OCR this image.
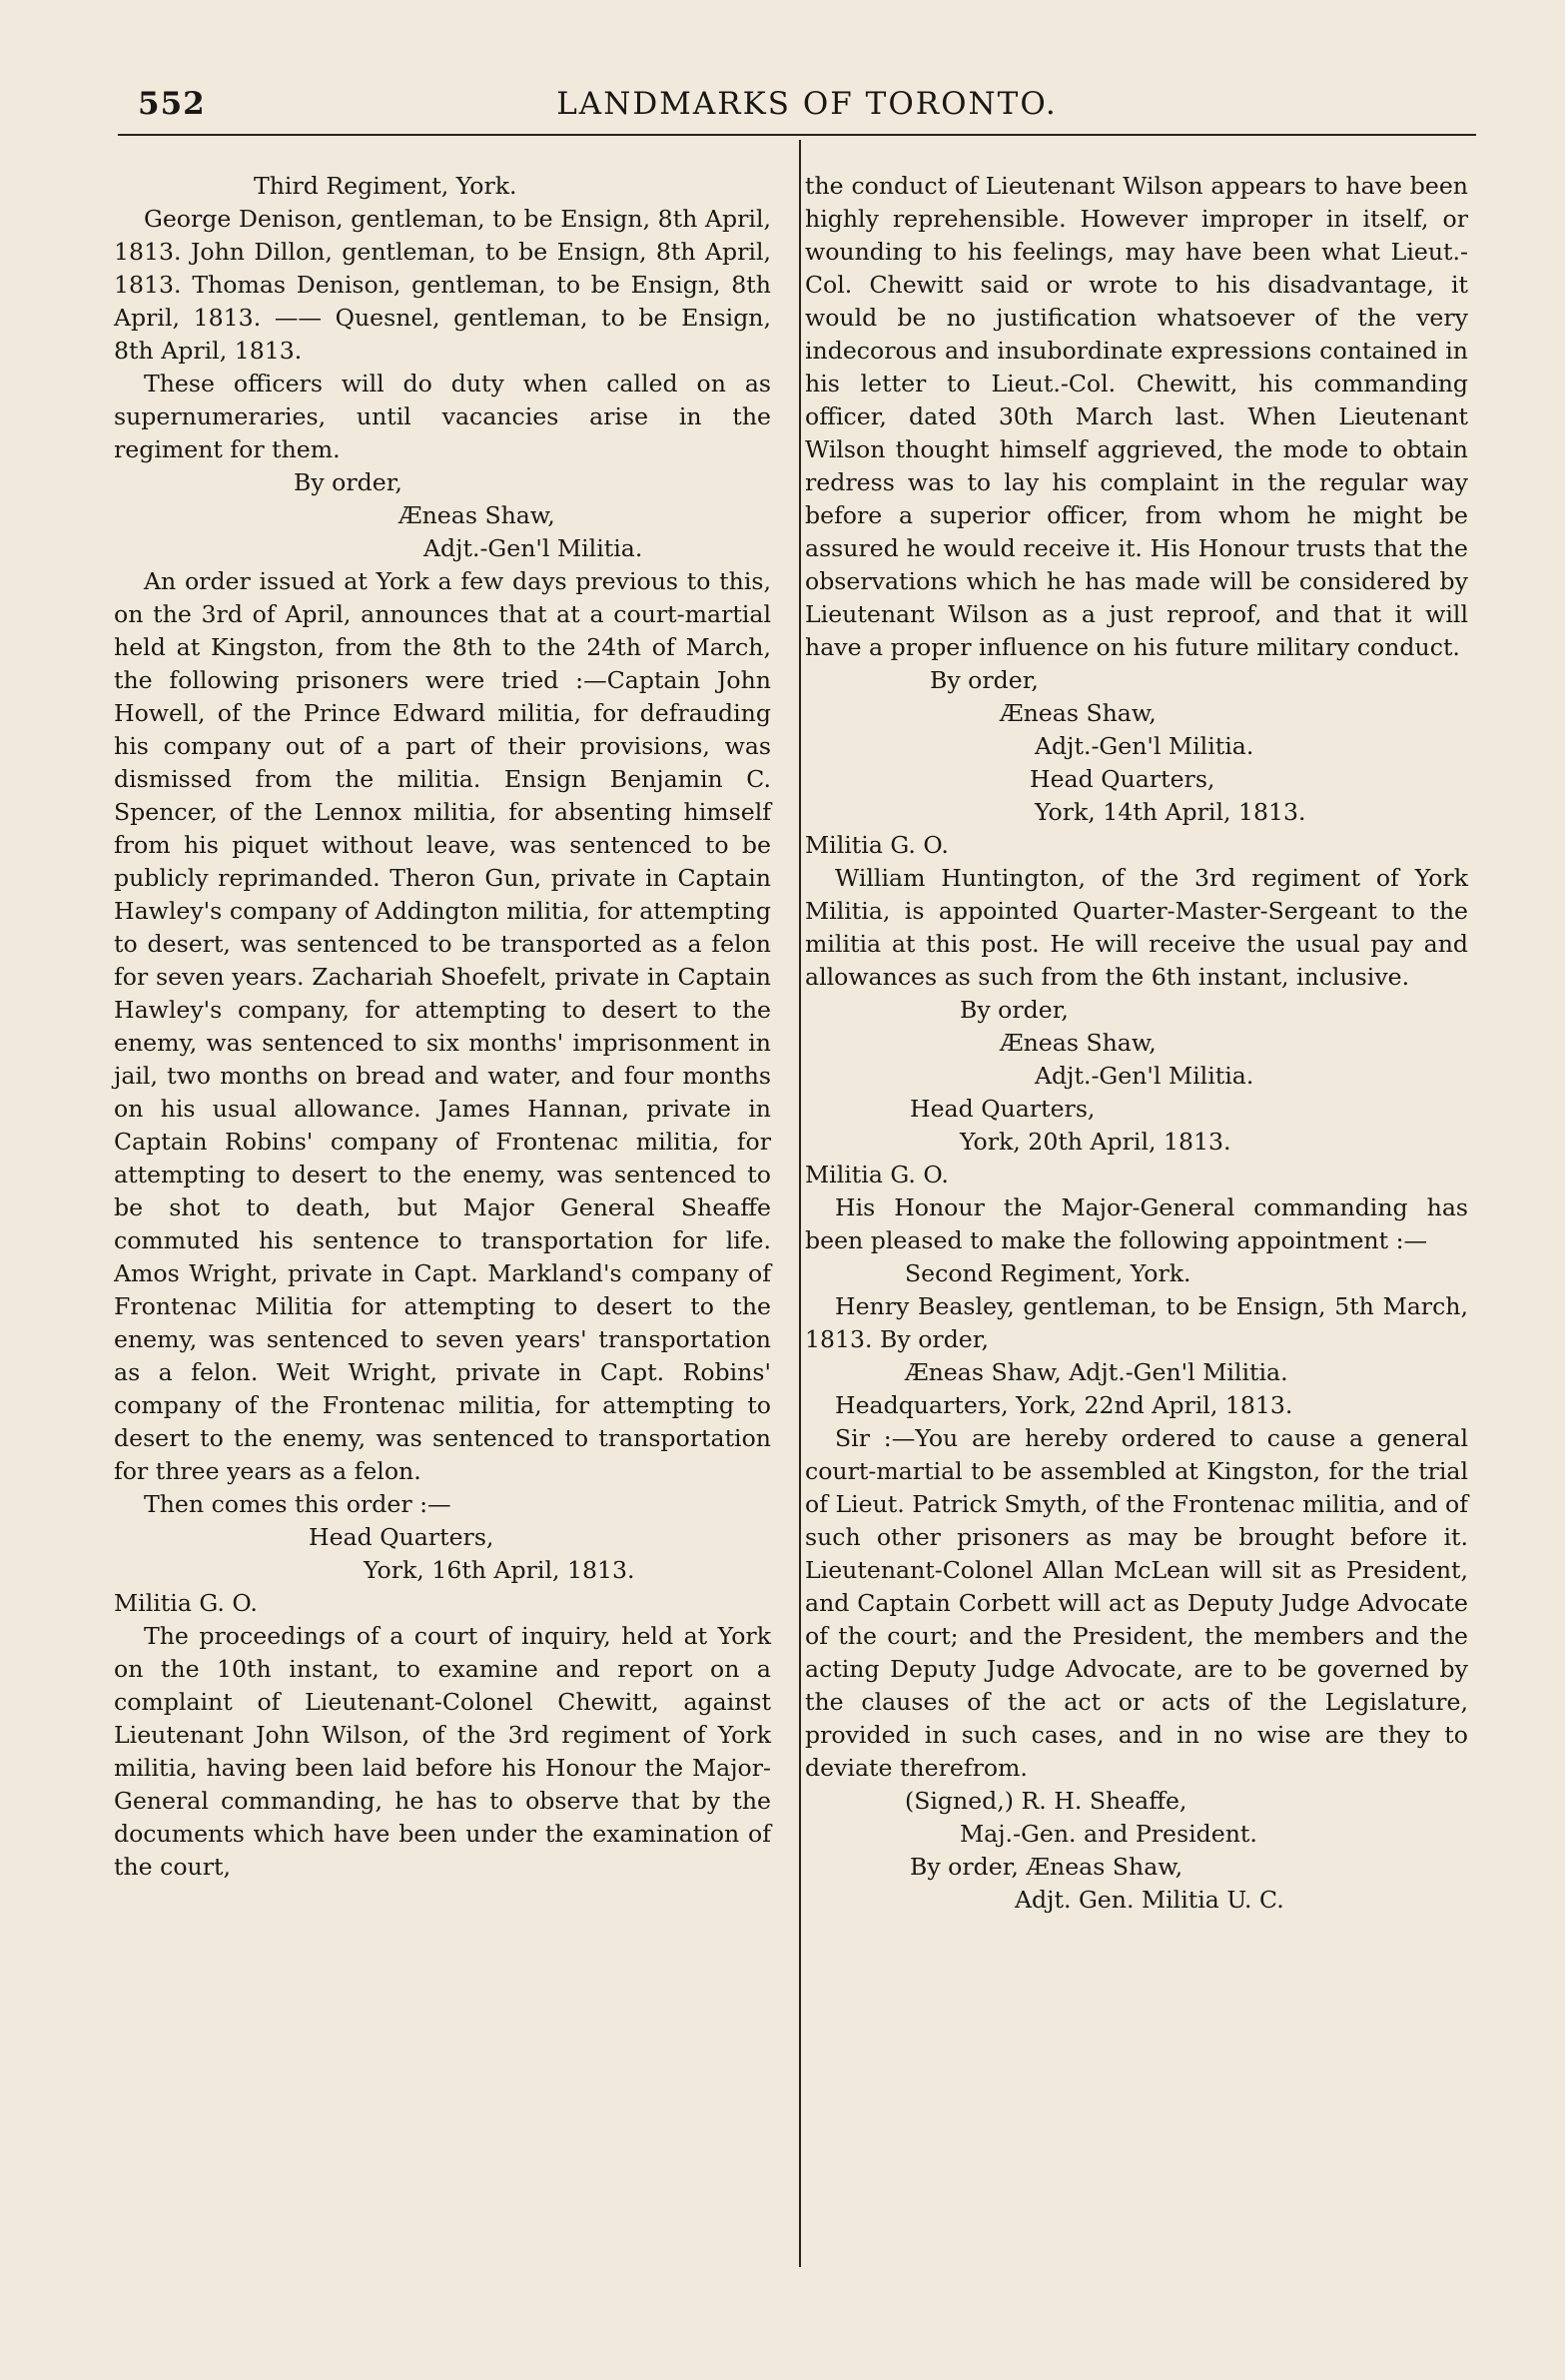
552	LANDMARKS OF TORONTO.

Third Regiment, York.

George Denison, gentleman, to be Ensign, 8th April, 1813. John Dillon, gentleman, to be Ensign, 8th April, 1813. Thomas Denison, gentleman, to be Ensign, 8th April, 1813. —— Quesnel, gentleman, to be Ensign, 8th April, 1813.

These officers will do duty when called on as supernumeraries, until vacancies arise in the regiment for them.

By order,

Æneas Shaw,

Adjt.-Gen'l Militia.

An order issued at York a few days previous to this, on the 3rd of April, announces that at a court-martial held at Kingston, from the 8th to the 24th of March, the following prisoners were tried :—Captain John Howell, of the Prince Edward militia, for defrauding his company out of a part of their provisions, was dismissed from the militia. Ensign Benjamin C. Spencer, of the Lennox militia, for absenting himself from his piquet without leave, was sentenced to be publicly reprimanded. Theron Gun, private in Captain Hawley's company of Addington militia, for attempting to desert, was sentenced to be transported as a felon for seven years. Zachariah Shoefelt, private in Captain Hawley's company, for attempting to desert to the enemy, was sentenced to six months' imprisonment in jail, two months on bread and water, and four months on his usual allowance. James Hannan, private in Captain Robins' company of Frontenac militia, for attempting to desert to the enemy, was sentenced to be shot to death, but Major General Sheaffe commuted his sentence to transportation for life. Amos Wright, private in Capt. Markland's company of Frontenac Militia for attempting to desert to the enemy, was sentenced to seven years' transportation as a felon. Weit Wright, private in Capt. Robins' company of the Frontenac militia, for attempting to desert to the enemy, was sentenced to transportation for three years as a felon.

Then comes this order :—

Head Quarters,

York, 16th April, 1813.

Militia G. O.

The proceedings of a court of inquiry, held at York on the 10th instant, to examine and report on a complaint of Lieutenant-Colonel Chewitt, against Lieutenant John Wilson, of the 3rd regiment of York militia, having been laid before his Honour the Major-General commanding, he has to observe that by the documents which have been under the examination of the court,

the conduct of Lieutenant Wilson appears to have been highly reprehensible. However improper in itself, or wounding to his feelings, may have been what Lieut.-Col. Chewitt said or wrote to his disadvantage, it would be no justification whatsoever of the very indecorous and insubordinate expressions contained in his letter to Lieut.-Col. Chewitt, his commanding officer, dated 30th March last. When Lieutenant Wilson thought himself aggrieved, the mode to obtain redress was to lay his complaint in the regular way before a superior officer, from whom he might be assured he would receive it. His Honour trusts that the observations which he has made will be considered by Lieutenant Wilson as a just reproof, and that it will have a proper influence on his future military conduct.

By order,

Æneas Shaw,

Adjt.-Gen'l Militia.

Head Quarters,

York, 14th April, 1813.

Militia G. O.

William Huntington, of the 3rd regiment of York Militia, is appointed Quarter-Master-Sergeant to the militia at this post. He will receive the usual pay and allowances as such from the 6th instant, inclusive.

By order,

Æneas Shaw,

Adjt.-Gen'l Militia.

Head Quarters,

York, 20th April, 1813.

Militia G. O.

His Honour the Major-General commanding has been pleased to make the following appointment :—

Second Regiment, York.

Henry Beasley, gentleman, to be Ensign, 5th March, 1813. By order,

Æneas Shaw, Adjt.-Gen'l Militia.

Headquarters, York, 22nd April, 1813.

Sir :—You are hereby ordered to cause a general court-martial to be assembled at Kingston, for the trial of Lieut. Patrick Smyth, of the Frontenac militia, and of such other prisoners as may be brought before it. Lieutenant-Colonel Allan McLean will sit as President, and Captain Corbett will act as Deputy Judge Advocate of the court; and the President, the members and the acting Deputy Judge Advocate, are to be governed by the clauses of the act or acts of the Legislature, provided in such cases, and in no wise are they to deviate therefrom.

(Signed,) R. H. Sheaffe,

Maj.-Gen. and President.

By order, Æneas Shaw,

Adjt. Gen. Militia U. C.
